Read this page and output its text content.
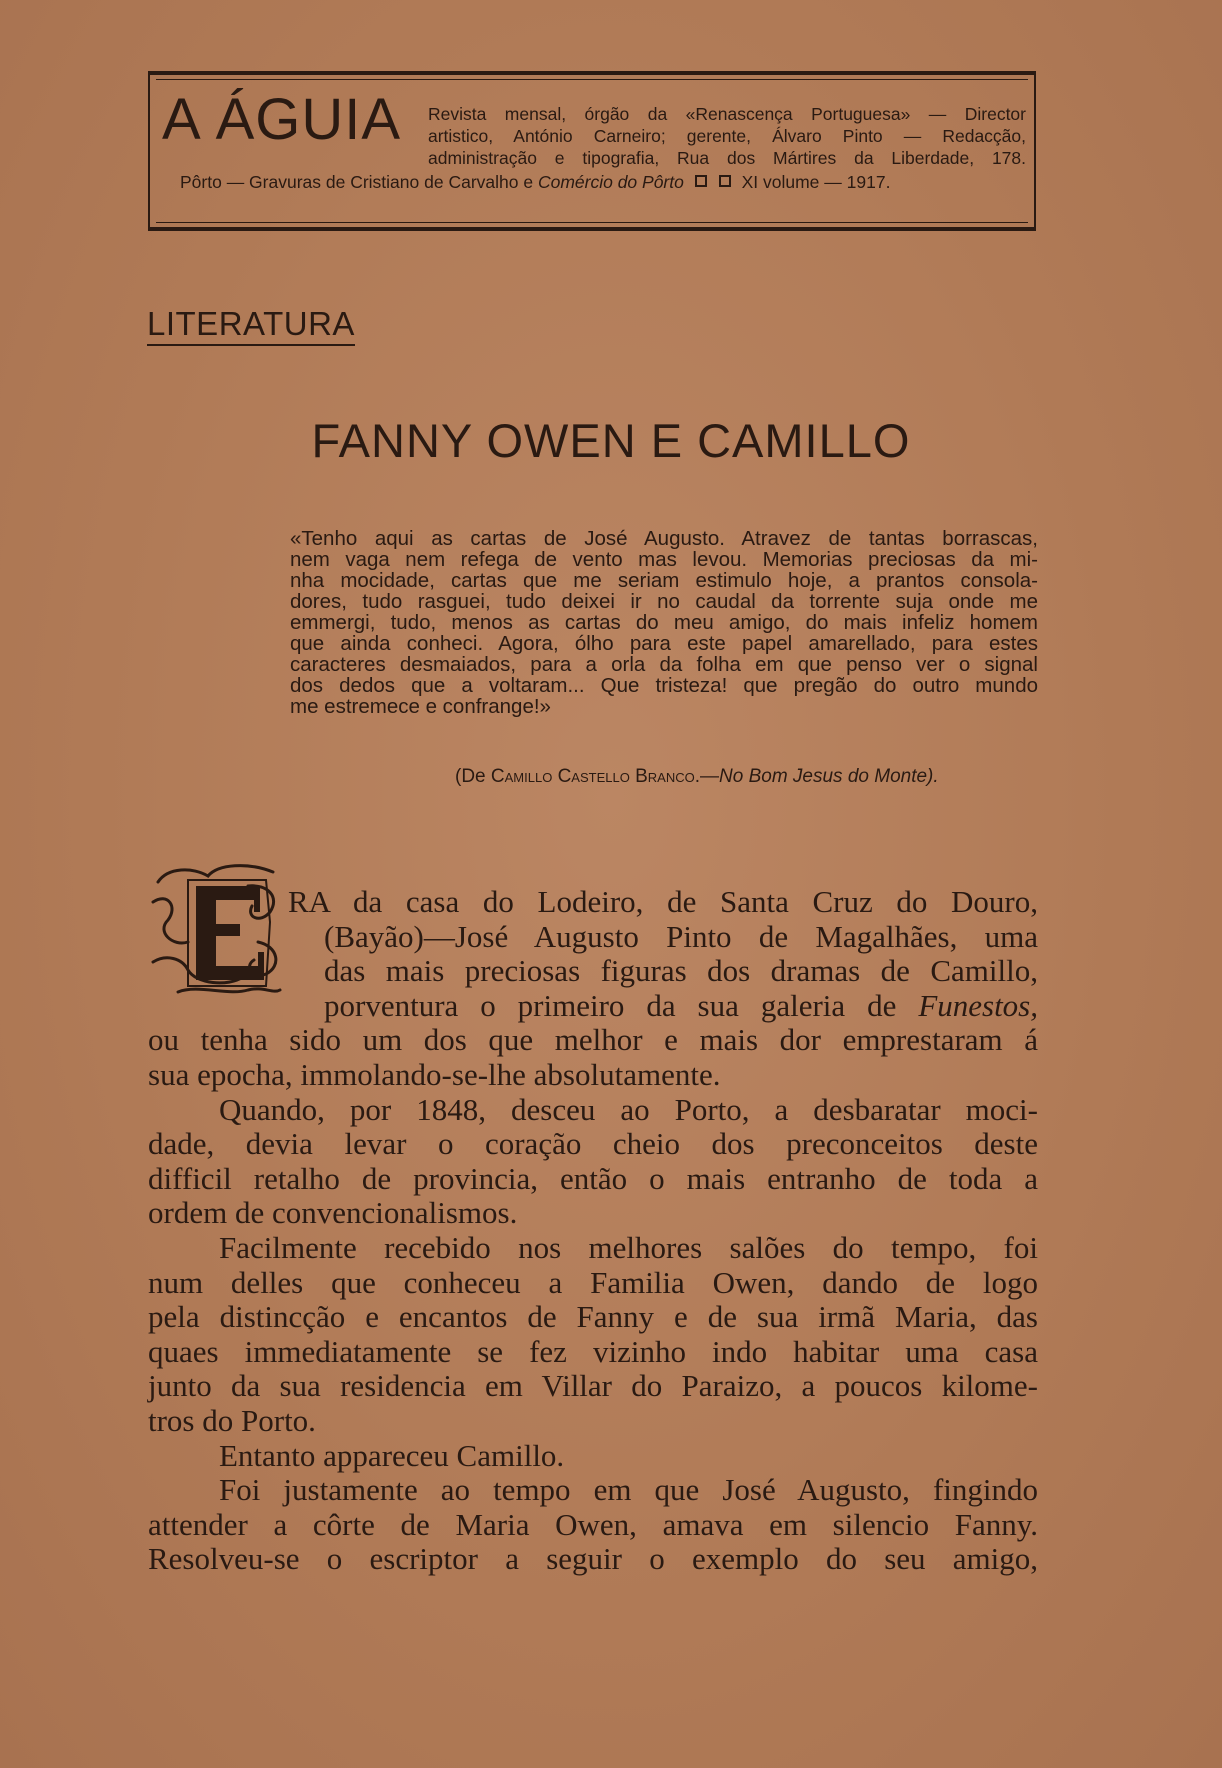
A ÁGUIA Revista mensal, órgão da «Renascença Portuguesa» — Director
artistico, António Carneiro; gerente, Álvaro Pinto — Redacção,
administração e tipografia, Rua dos Mártires da Liberdade, 178.
Pôrto — Gravuras de Cristiano de Carvalho e Comércio do Pôrto	XI volume — 1917.
LITERATURA
FANNY OWEN E CAMILLO
«Tenho aqui as cartas de José Augusto. Atravez de tantas borrascas,
nem vaga nem refega de vento mas levou. Memorias preciosas da mi-
nha mocidade, cartas que me seriam estimulo hoje, a prantos consola-
dores, tudo rasguei, tudo deixei ir no caudal da torrente suja onde me
emmergi, tudo, menos as cartas do meu amigo, do mais infeliz homem
que ainda conheci. Agora, ólho para este papel amarellado, para estes
caracteres desmaiados, para a orla da folha em que penso ver o signal
dos dedos que a voltaram... Que tristeza! que pregão do outro mundo
me estremece e confrange!»
(De Camillo Castello Branco.—No Bom Jesus do Monte).
E
RA da casa do Lodeiro, de Santa Cruz do Douro,
(Bayão)—José Augusto Pinto de Magalhães, uma
das mais preciosas figuras dos dramas de Camillo,
porventura o primeiro da sua galeria de Funestos,
ou tenha sido um dos que melhor e mais dor emprestaram á
sua epocha, immolando-se-lhe absolutamente.
Quando, por 1848, desceu ao Porto, a desbaratar moci-
dade, devia levar o coração cheio dos preconceitos deste
difficil retalho de provincia, então o mais entranho de toda a
ordem de convencionalismos.
Facilmente recebido nos melhores salões do tempo, foi
num delles que conheceu a Familia Owen, dando de logo
pela distincção e encantos de Fanny e de sua irmã Maria, das
quaes immediatamente se fez vizinho indo habitar uma casa
junto da sua residencia em Villar do Paraizo, a poucos kilome-
tros do Porto.
Entanto appareceu Camillo.
Foi justamente ao tempo em que José Augusto, fingindo
attender a côrte de Maria Owen, amava em silencio Fanny.
Resolveu-se o escriptor a seguir o exemplo do seu amigo,
